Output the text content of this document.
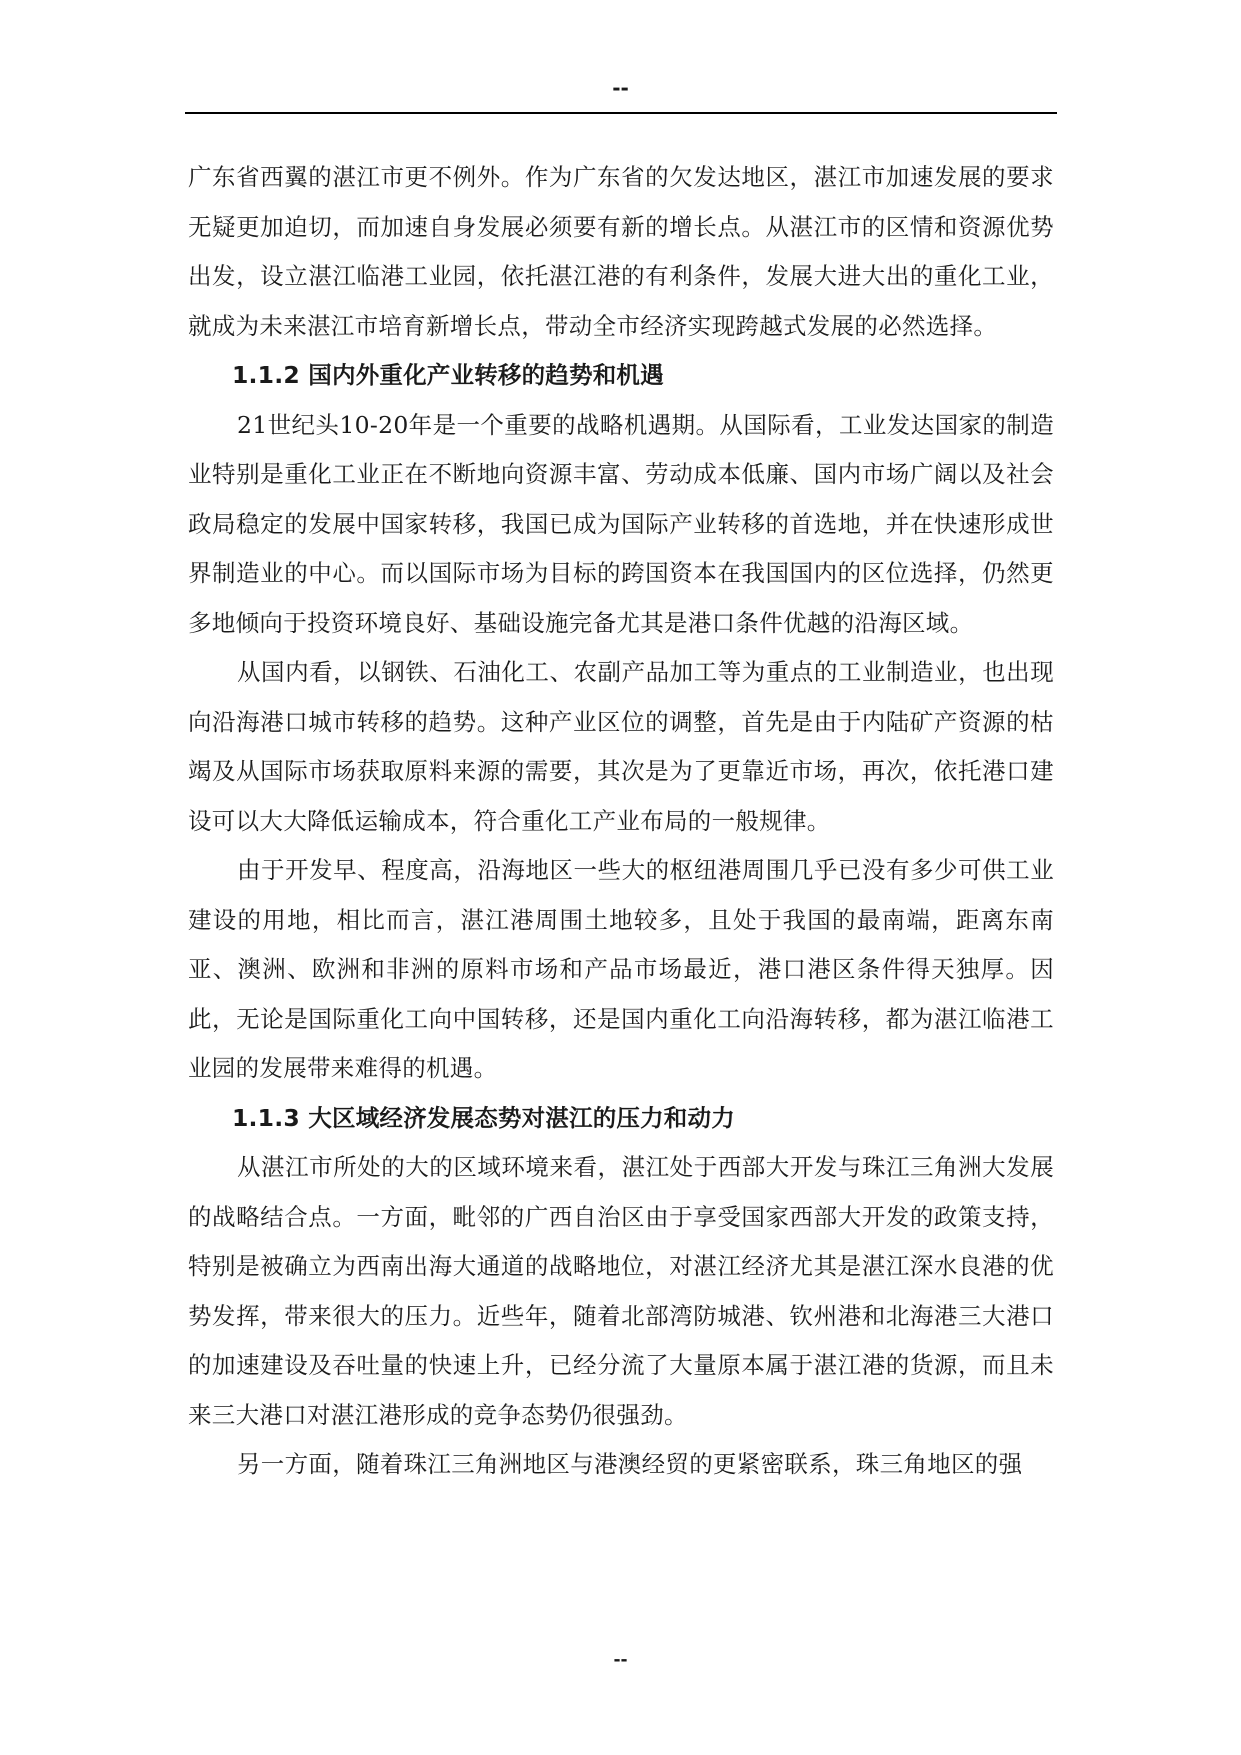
--

广东省西翼的湛江市更不例外。作为广东省的欠发达地区，湛江市加速发展的要求无疑更加迫切，而加速自身发展必须要有新的增长点。从湛江市的区情和资源优势出发，设立湛江临港工业园，依托湛江港的有利条件，发展大进大出的重化工业，就成为未来湛江市培育新增长点，带动全市经济实现跨越式发展的必然选择。

1.1.2 国内外重化产业转移的趋势和机遇

21世纪头10-20年是一个重要的战略机遇期。从国际看，工业发达国家的制造业特别是重化工业正在不断地向资源丰富、劳动成本低廉、国内市场广阔以及社会政局稳定的发展中国家转移，我国已成为国际产业转移的首选地，并在快速形成世界制造业的中心。而以国际市场为目标的跨国资本在我国国内的区位选择，仍然更多地倾向于投资环境良好、基础设施完备尤其是港口条件优越的沿海区域。

从国内看，以钢铁、石油化工、农副产品加工等为重点的工业制造业，也出现向沿海港口城市转移的趋势。这种产业区位的调整，首先是由于内陆矿产资源的枯竭及从国际市场获取原料来源的需要，其次是为了更靠近市场，再次，依托港口建设可以大大降低运输成本，符合重化工产业布局的一般规律。

由于开发早、程度高，沿海地区一些大的枢纽港周围几乎已没有多少可供工业建设的用地，相比而言，湛江港周围土地较多，且处于我国的最南端，距离东南亚、澳洲、欧洲和非洲的原料市场和产品市场最近，港口港区条件得天独厚。因此，无论是国际重化工向中国转移，还是国内重化工向沿海转移，都为湛江临港工业园的发展带来难得的机遇。

1.1.3 大区域经济发展态势对湛江的压力和动力

从湛江市所处的大的区域环境来看，湛江处于西部大开发与珠江三角洲大发展的战略结合点。一方面，毗邻的广西自治区由于享受国家西部大开发的政策支持，特别是被确立为西南出海大通道的战略地位，对湛江经济尤其是湛江深水良港的优势发挥，带来很大的压力。近些年，随着北部湾防城港、钦州港和北海港三大港口的加速建设及吞吐量的快速上升，已经分流了大量原本属于湛江港的货源，而且未来三大港口对湛江港形成的竞争态势仍很强劲。

另一方面，随着珠江三角洲地区与港澳经贸的更紧密联系，珠三角地区的强

--
